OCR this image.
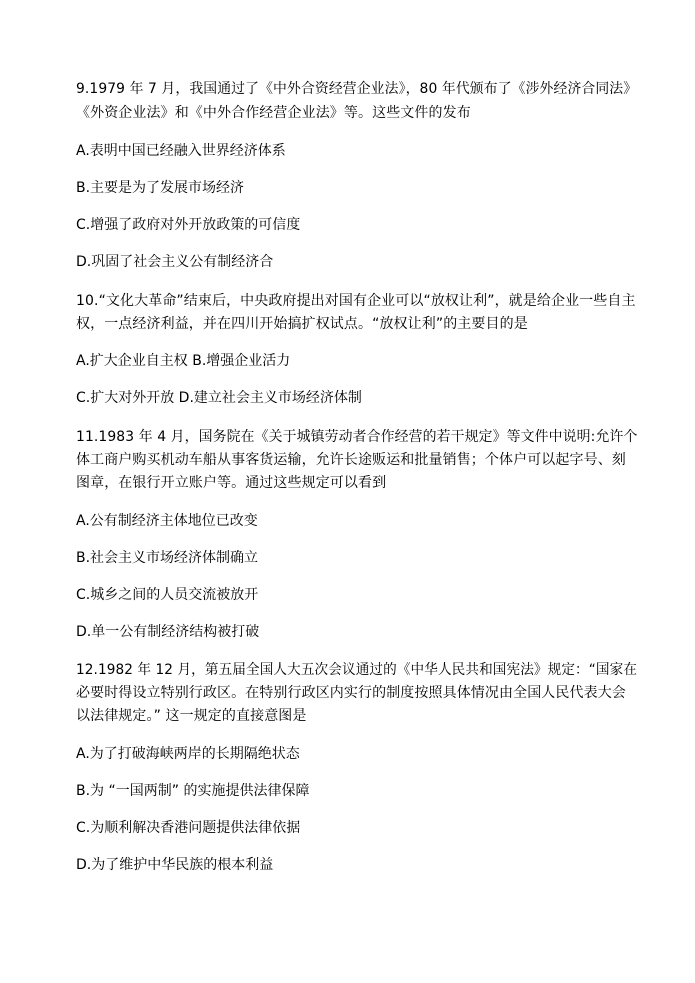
9.1979 年 7 月，我国通过了《中外合资经营企业法》，80 年代颁布了《涉外经济合同法》
《外资企业法》和《中外合作经营企业法》等。这些文件的发布
A.表明中国已经融入世界经济体系
B.主要是为了发展市场经济
C.增强了政府对外开放政策的可信度
D.巩固了社会主义公有制经济合
10.“文化大革命”结束后，中央政府提出对国有企业可以“放权让利”，就是给企业一些自主
权，一点经济利益，并在四川开始搞扩权试点。“放权让利”的主要目的是
A.扩大企业自主权 B.增强企业活力
C.扩大对外开放 D.建立社会主义市场经济体制
11.1983 年 4 月，国务院在《关于城镇劳动者合作经营的若干规定》等文件中说明:允许个
体工商户购买机动车船从事客货运输，允许长途贩运和批量销售；个体户可以起字号、刻
图章，在银行开立账户等。通过这些规定可以看到
A.公有制经济主体地位已改变
B.社会主义市场经济体制确立
C.城乡之间的人员交流被放开
D.单一公有制经济结构被打破
12.1982 年 12 月，第五届全国人大五次会议通过的《中华人民共和国宪法》规定：“国家在
必要时得设立特别行政区。在特别行政区内实行的制度按照具体情况由全国人民代表大会
以法律规定。” 这一规定的直接意图是
A.为了打破海峡两岸的长期隔绝状态
B.为 “一国两制” 的实施提供法律保障
C.为顺利解决香港问题提供法律依据
D.为了维护中华民族的根本利益
